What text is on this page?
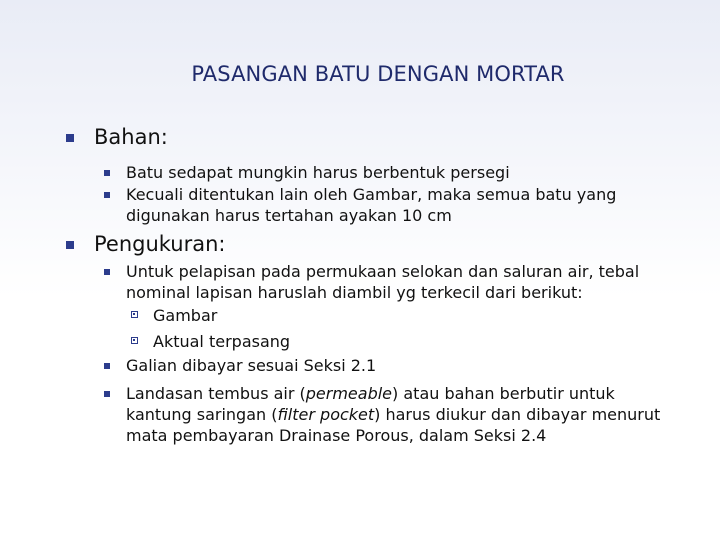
PASANGAN BATU DENGAN MORTAR
Bahan:
Batu sedapat mungkin harus berbentuk persegi
Kecuali ditentukan lain oleh Gambar, maka semua batu yang digunakan harus tertahan ayakan 10 cm
Pengukuran:
Untuk pelapisan pada permukaan selokan dan saluran air, tebal nominal lapisan haruslah diambil yg terkecil dari berikut:
Gambar
Aktual terpasang
Galian dibayar sesuai Seksi 2.1
Landasan tembus air (permeable) atau bahan berbutir untuk kantung saringan (filter pocket) harus diukur dan dibayar menurut mata pembayaran Drainase Porous, dalam Seksi 2.4
